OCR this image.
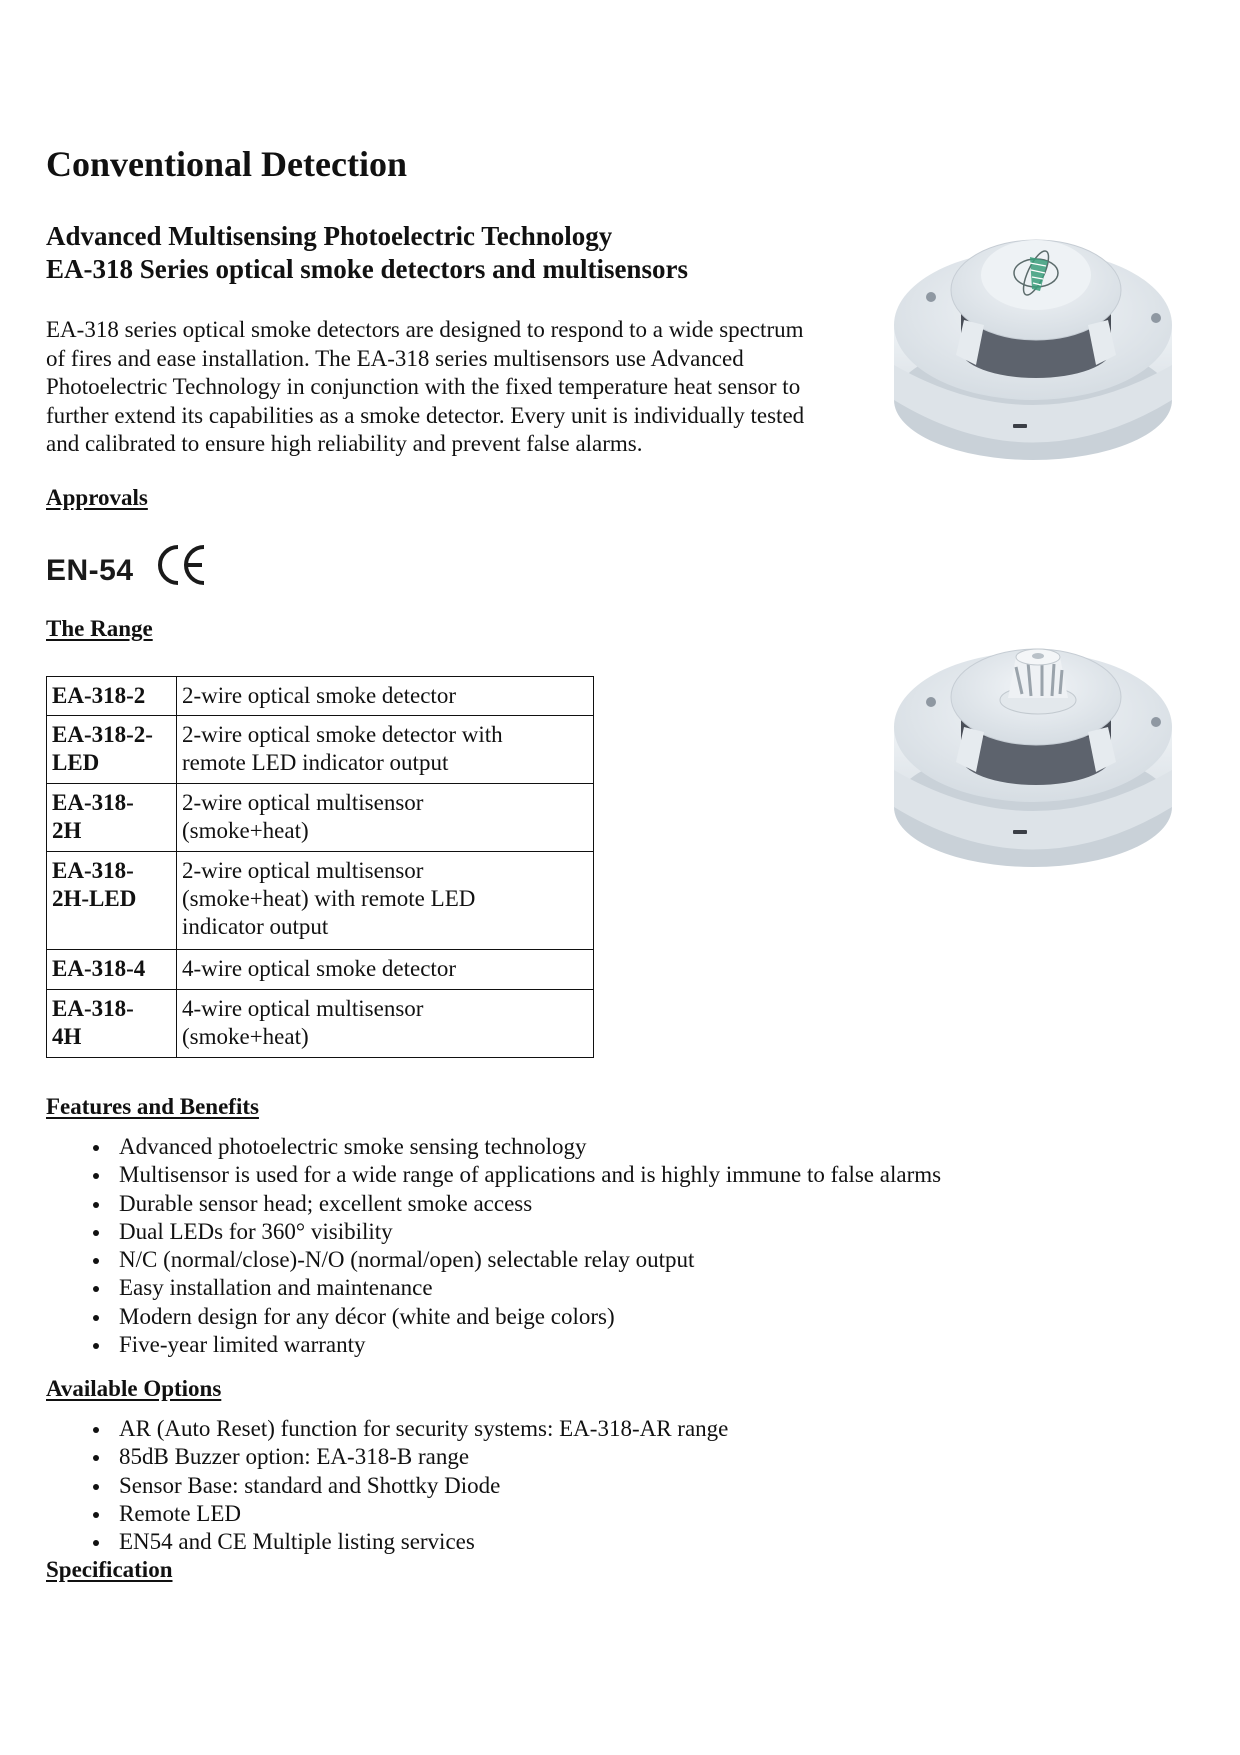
Conventional Detection
Advanced Multisensing Photoelectric Technology
EA-318 Series optical smoke detectors and multisensors

EA-318 series optical smoke detectors are designed to respond to a wide spectrum
of fires and ease installation. The EA-318 series multisensors use Advanced
Photoelectric Technology in conjunction with the fixed temperature heat sensor to
further extend its capabilities as a smoke detector. Every unit is individually tested
and calibrated to ensure high reliability and prevent false alarms.

Approvals
EN-54
The Range
EA-318-2	2-wire optical smoke detector

EA-318-2-
LED	2-wire optical smoke detector with
remote LED indicator output

EA-318-
2H	2-wire optical multisensor
(smoke+heat)

EA-318-
2H-LED	2-wire optical multisensor
(smoke+heat) with remote LED
indicator output

EA-318-4	4-wire optical smoke detector

EA-318-
4H	4-wire optical multisensor
(smoke+heat)
Features and Benefits
Advanced photoelectric smoke sensing technology
Multisensor is used for a wide range of applications and is highly immune to false alarms
Durable sensor head; excellent smoke access
Dual LEDs for 360° visibility
N/C (normal/close)-N/O (normal/open) selectable relay output
Easy installation and maintenance
Modern design for any décor (white and beige colors)
Five-year limited warranty
Available Options
AR (Auto Reset) function for security systems: EA-318-AR range
85dB Buzzer option: EA-318-B range
Sensor Base: standard and Shottky Diode
Remote LED
EN54 and CE Multiple listing services
Specification
